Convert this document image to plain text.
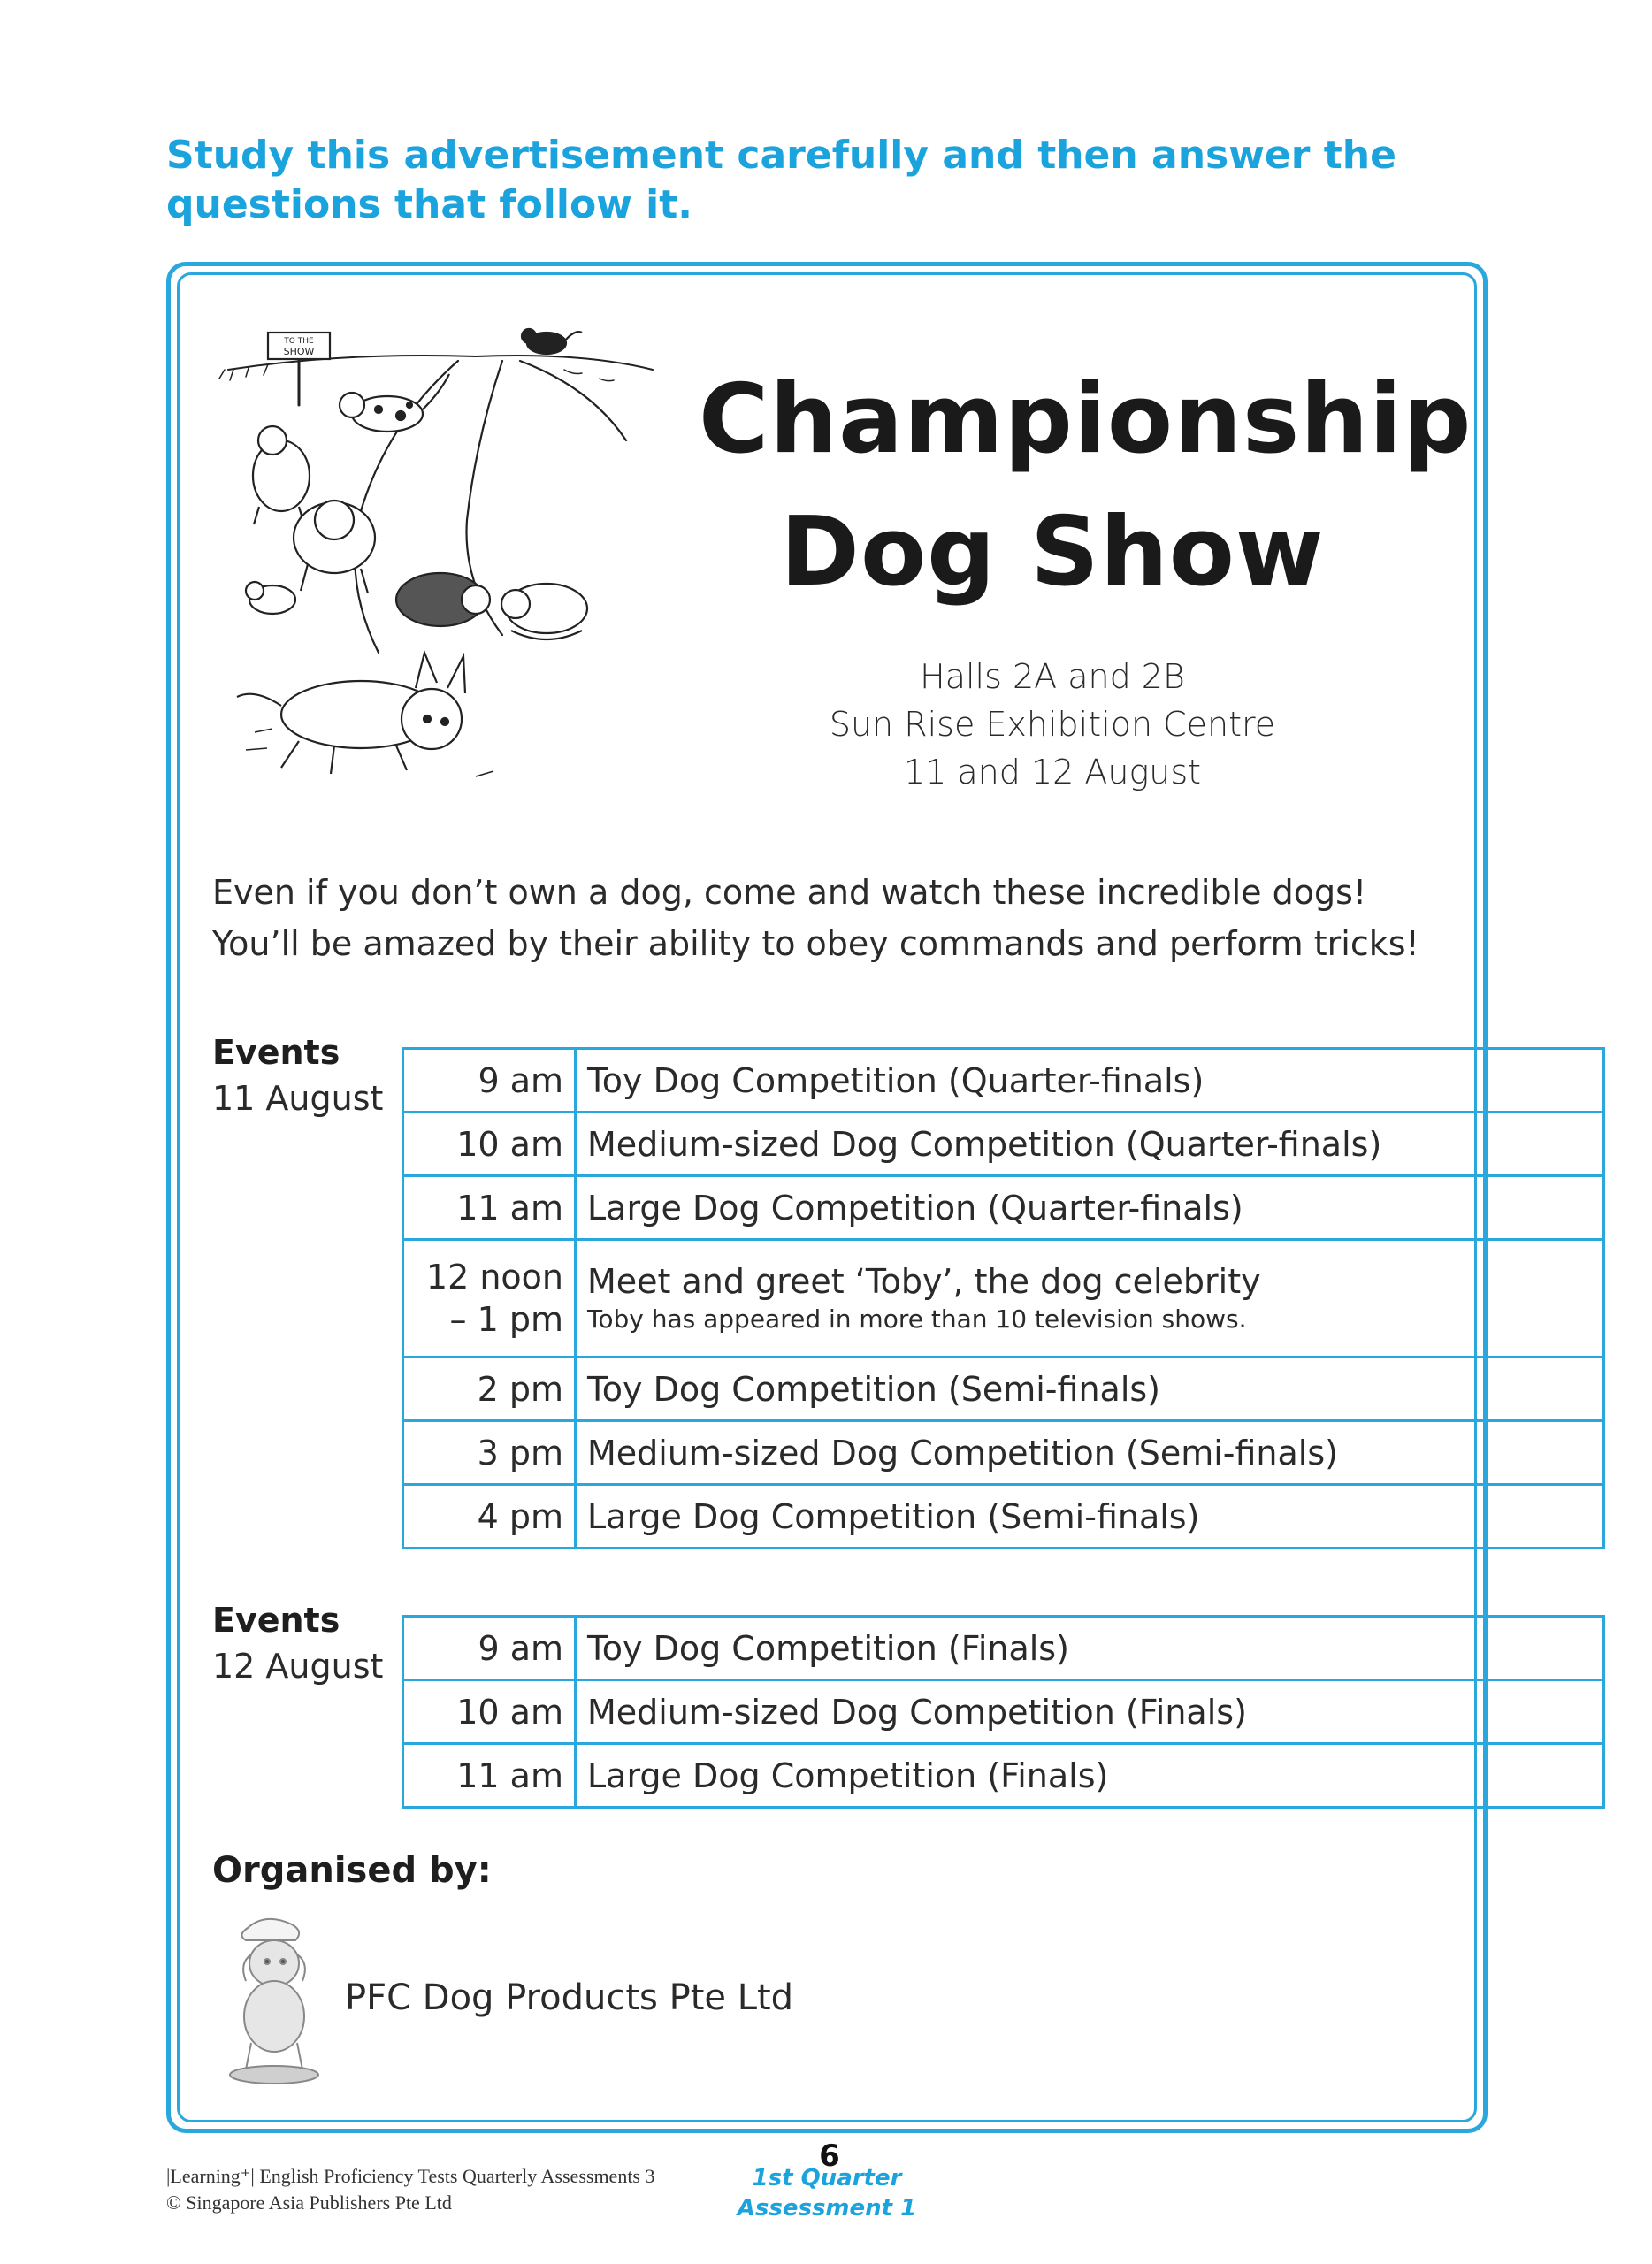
Study this advertisement carefully and then answer the questions that follow it.

TO THE
SHOW
Championship
Dog Show
Halls 2A and 2B
Sun Rise Exhibition Centre
11 and 12 August
Even if you don’t own a dog, come and watch these incredible dogs!
You’ll be amazed by their ability to obey commands and perform tricks!
Events
11 August	9 am	Toy Dog Competition (Quarter-finals)
10 am	Medium-sized Dog Competition (Quarter-finals)
11 am	Large Dog Competition (Quarter-finals)

12 noon
– 1 pm	Meet and greet ‘Toby’, the dog celebrity
Toby has appeared in more than 10 television shows.

2 pm	Toy Dog Competition (Semi-finals)
3 pm	Medium-sized Dog Competition (Semi-finals)
4 pm	Large Dog Competition (Semi-finals)
Events
12 August	9 am	Toy Dog Competition (Finals)
10 am	Medium-sized Dog Competition (Finals)
11 am	Large Dog Competition (Finals)

Organised by:

PFC Dog Products Pte Ltd
6
|Learning⁺| English Proficiency Tests Quarterly Assessments 3
© Singapore Asia Publishers Pte Ltd
1st Quarter
Assessment 1
